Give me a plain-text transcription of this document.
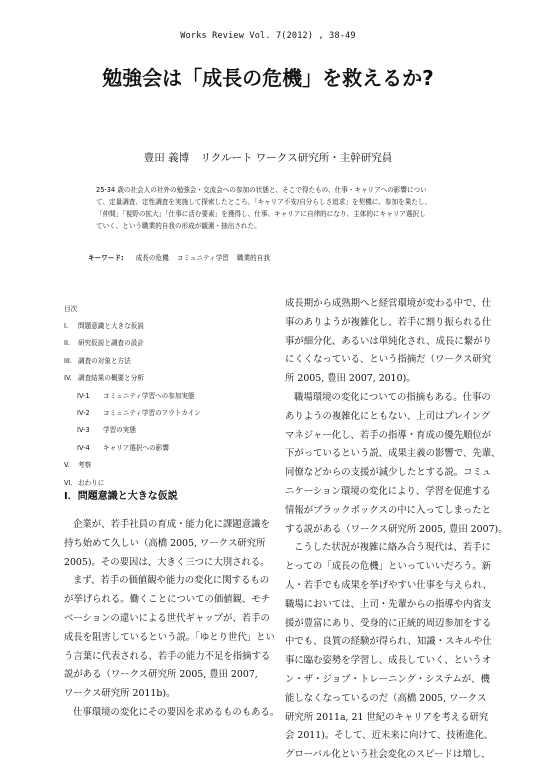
Works Review Vol. 7(2012) , 38-49
勉強会は「成長の危機」を救えるか?
豊田 義博 リクルート ワークス研究所・主幹研究員
25-34 歳の社会人の社外の勉強会・交流会への参加の状態と、そこで得たもの、仕事・キャリアへの影響につい
て、定量調査、定性調査を実施して探索したところ、「キャリア不安/自分らしさ追求」を契機に、参加を果たし、
「仲間」「視野の拡大」「仕事に活む要素」を獲得し、仕事、キャリアに自律的になり、主体的にキャリア選択し
ていく、という職業的自我の形成が観測・抽出された。
キーワード: 成長の危機 コミュニティ学習 職業的自我
目次
I. 問題意識と大きな仮説
II. 研究仮説と調査の設計
III. 調査の対象と方法
IV. 調査結果の概要と分析
IV-1 コミュニティ学習への参加実態
IV-2 コミュニティ学習のアウトカイン
IV-3 学習の実態
IV-4 キャリア選択への影響
V. 考察
VI. おわりに
I．問題意識と大きな仮説
企業が、若手社員の育成・能力化に課題意識を
持ち始めて久しい（高橋 2005, ワークス研究所
2005)。その要因は、大きく三つに大別される。
まず、若手の価値観や能力の変化に関するもの
が挙げられる。働くことについての価値観、モチ
ベーションの違いによる世代ギャップが、若手の
成長を阻害しているという説。「ゆとり世代」とい
う言葉に代表される、若手の能力不足を指摘する
説がある（ワークス研究所 2005, 豊田 2007,
ワークス研究所 2011b)。
仕事環境の変化にその要因を求めるものもある。
成長期から成熟期へと経営環境が変わる中で、仕
事のありようが複雑化し、若手に割り振られる仕
事が細分化、あるいは単純化され、成長に繋がり
にくくなっている、という指摘だ（ワークス研究
所 2005, 豊田 2007, 2010)。
職場環境の変化についての指摘もある。仕事の
ありようの複雑化にともない、上司はプレイング
マネジャー化し、若手の指導・育成の優先順位が
下がっているという説、成果主義の影響で、先輩、
同僚などからの支援が減少したとする説。コミュ
ニケーション環境の変化により、学習を促進する
情報がブラックボックスの中に入ってしまったと
する説がある（ワークス研究所 2005, 豊田 2007)。
こうした状況が複雑に絡み合う現代は、若手に
とっての「成長の危機」といっていいだろう。新
人・若手でも成果を挙げやすい仕事を与えられ、
職場においては、上司・先輩からの指導や内省支
援が豊富にあり、受身的に正統的周辺参加をする
中でも、良質の経験が得られ、知識・スキルや仕
事に臨む姿勢を学習し、成長していく、というオ
ン・ザ・ジョブ・トレーニング・システムが、機
能しなくなっているのだ（高橋 2005, ワークス
研究所 2011a, 21 世紀のキャリアを考える研究
会 2011)。そして、近未来に向けて、技術進化、
グローバル化という社会変化のスピードは増し、
